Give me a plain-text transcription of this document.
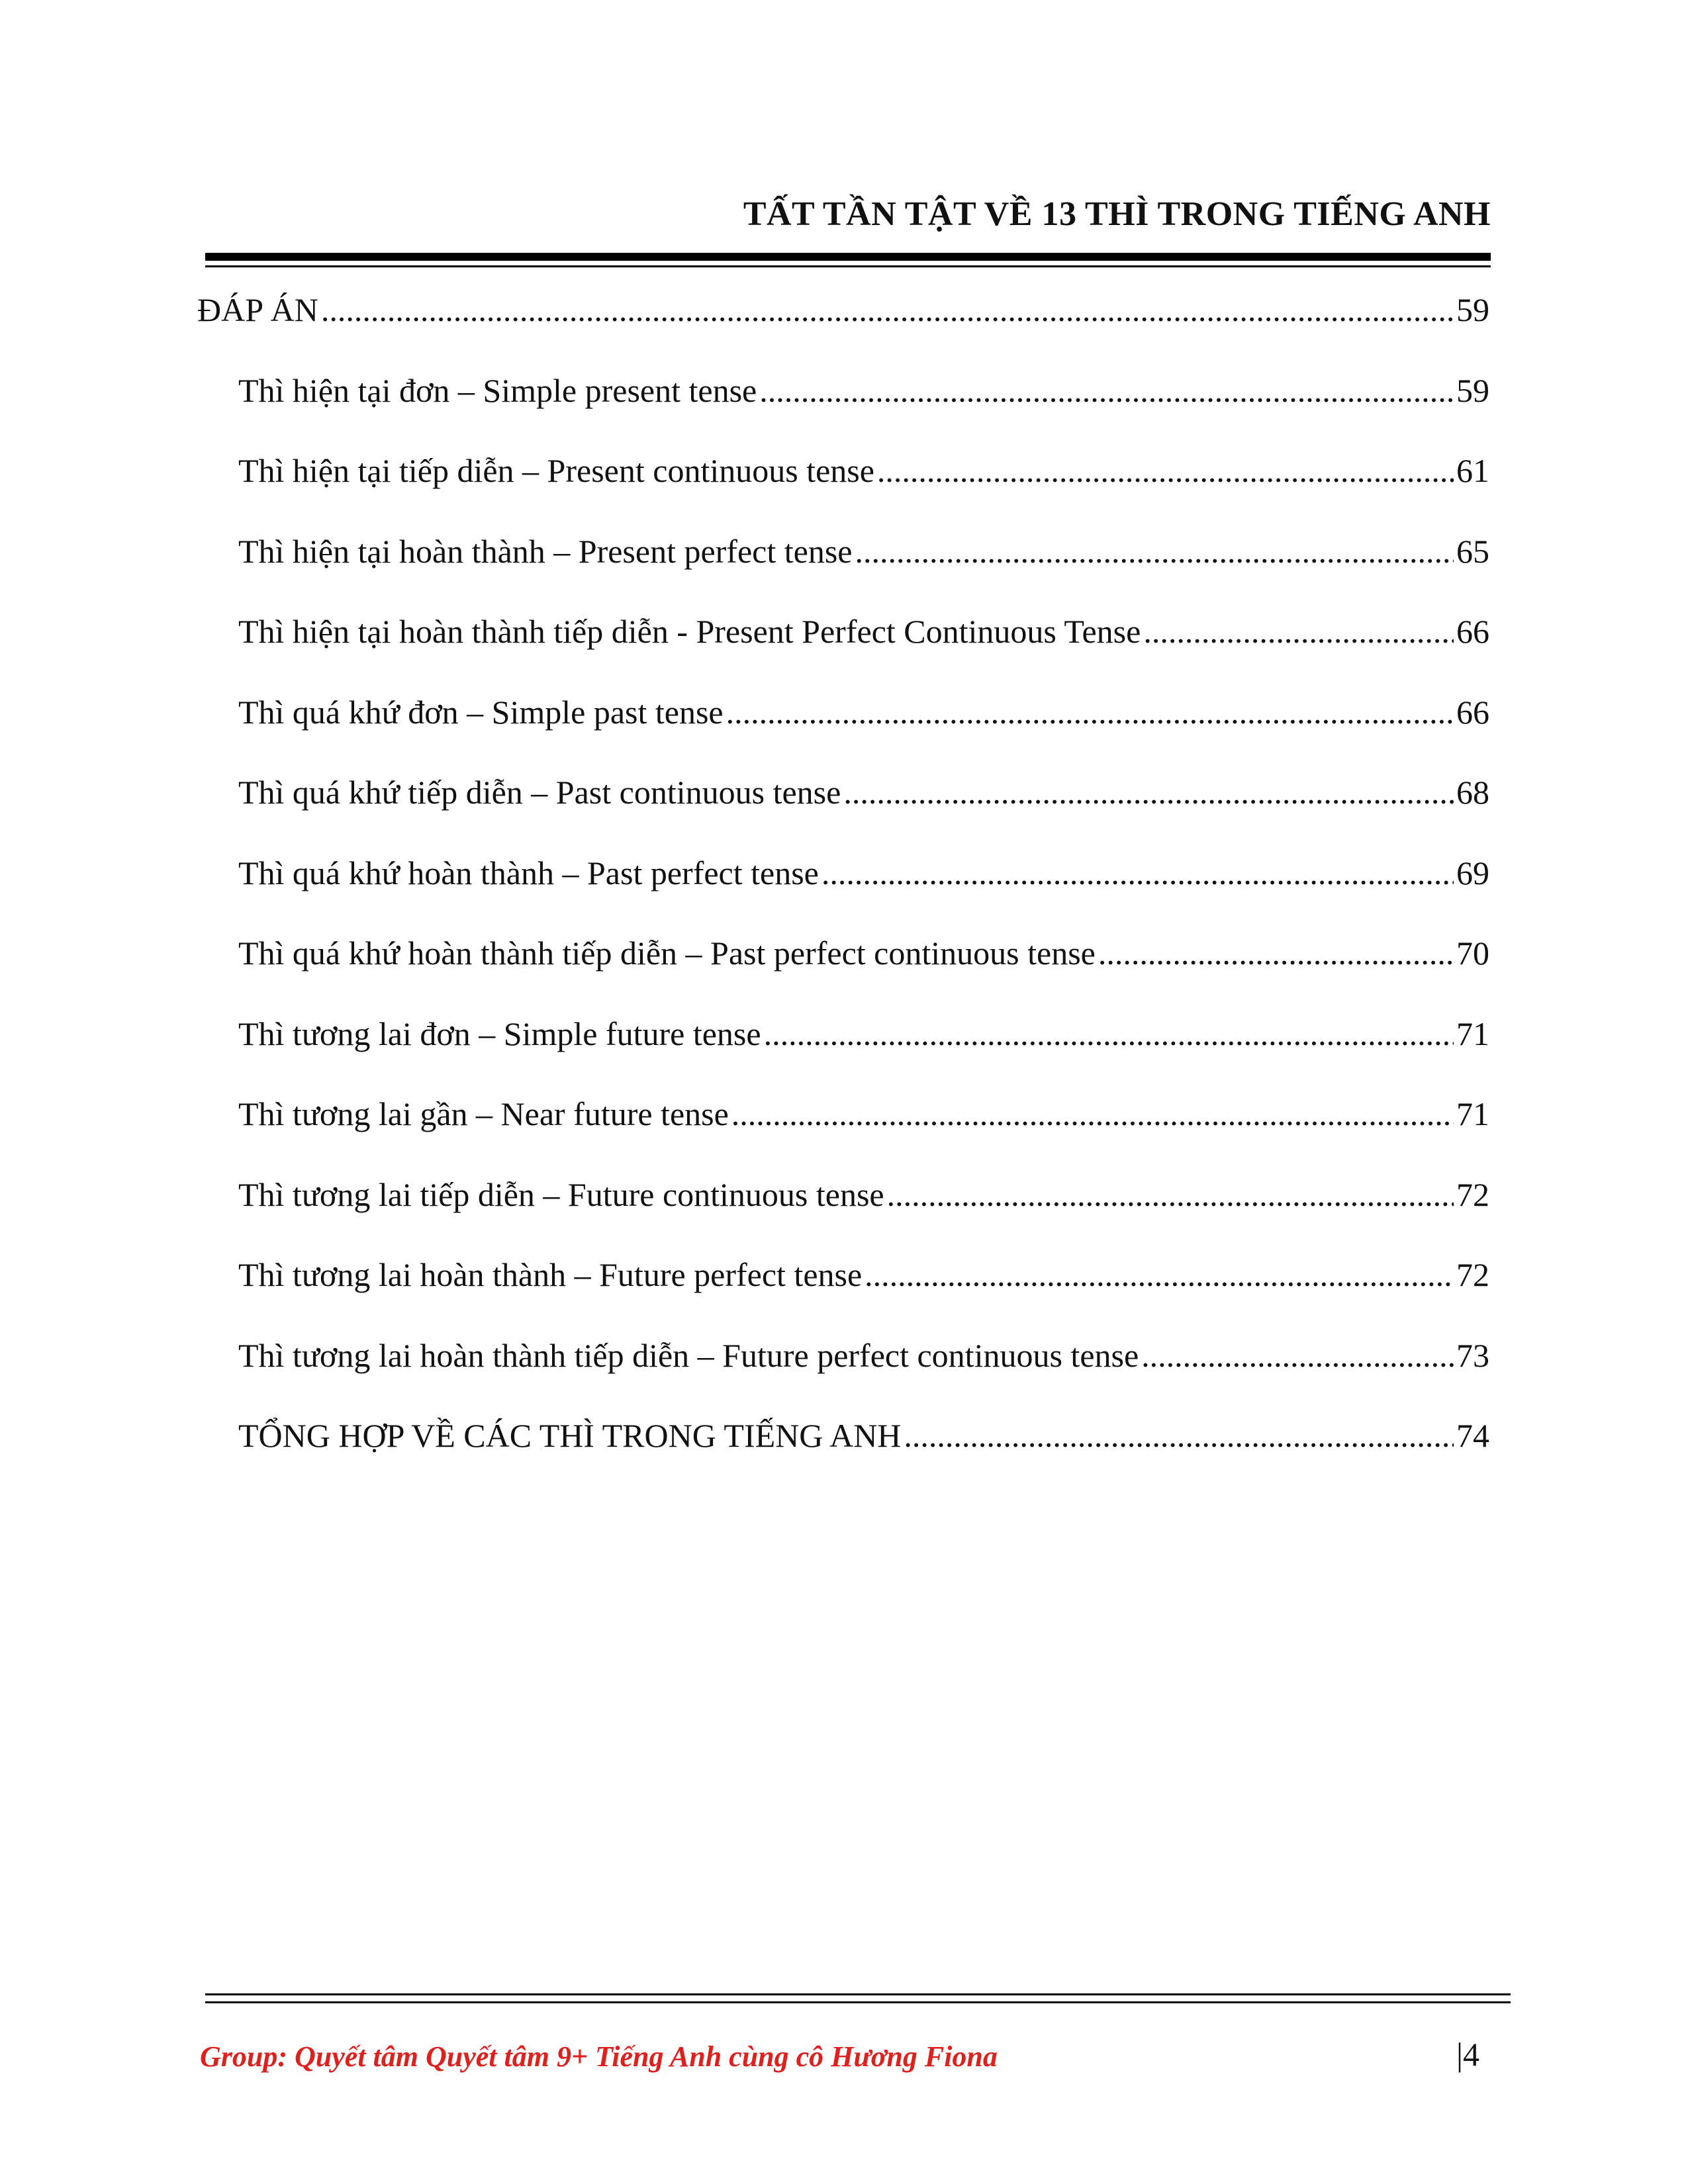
TẤT TẦN TẬT VỀ 13 THÌ TRONG TIẾNG ANH
ĐÁP ÁN .....	59
Thì hiện tại đơn – Simple present tense .....	59
Thì hiện tại tiếp diễn – Present continuous tense .....	61
Thì hiện tại hoàn thành – Present perfect tense .....	65
Thì hiện tại hoàn thành tiếp diễn - Present Perfect Continuous Tense .....	66
Thì quá khứ đơn – Simple past tense .....	66
Thì quá khứ tiếp diễn – Past continuous tense .....	68
Thì quá khứ hoàn thành – Past perfect tense .....	69
Thì quá khứ hoàn thành tiếp diễn – Past perfect continuous tense .....	70
Thì tương lai đơn – Simple future tense .....	71
Thì tương lai gần – Near future tense .....	71
Thì tương lai tiếp diễn – Future continuous tense .....	72
Thì tương lai hoàn thành – Future perfect tense .....	72
Thì tương lai hoàn thành tiếp diễn – Future perfect continuous tense .....	73
TỔNG HỢP VỀ CÁC THÌ TRONG TIẾNG ANH .....	74
Group: Quyết tâm Quyết tâm 9+ Tiếng Anh cùng cô Hương Fiona	|4
